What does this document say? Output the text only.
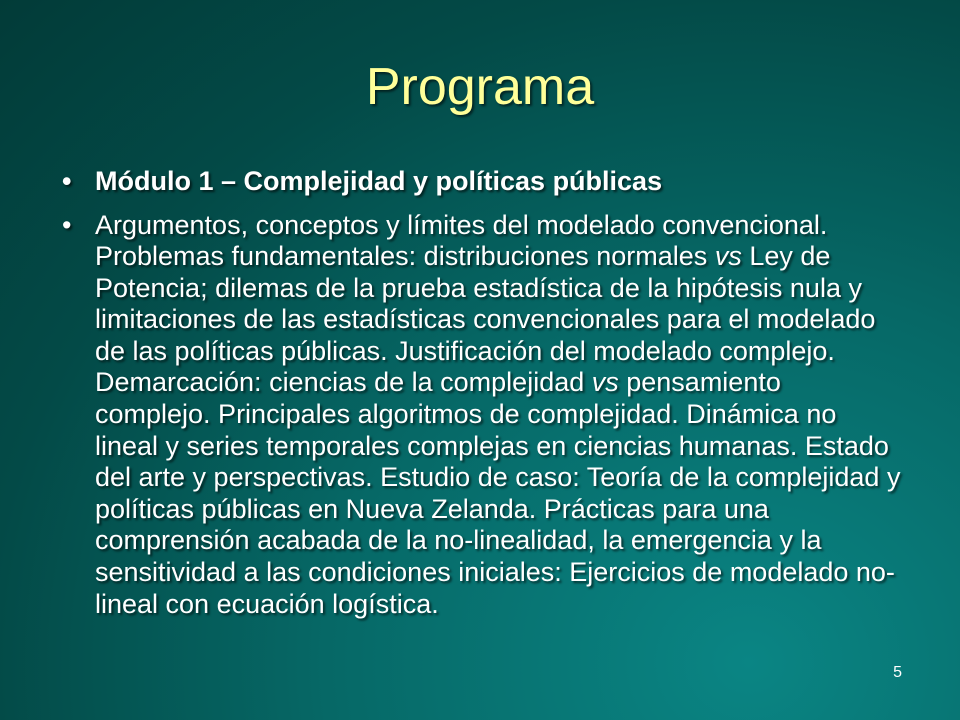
Programa
• Módulo 1 – Complejidad y políticas públicas
• Argumentos, conceptos y límites del modelado convencional. Problemas fundamentales: distribuciones normales vs Ley de Potencia; dilemas de la prueba estadística de la hipótesis nula y limitaciones de las estadísticas convencionales para el modelado de las políticas públicas. Justificación del modelado complejo. Demarcación: ciencias de la complejidad vs pensamiento complejo. Principales algoritmos de complejidad. Dinámica no lineal y series temporales complejas en ciencias humanas. Estado del arte y perspectivas. Estudio de caso: Teoría de la complejidad y políticas públicas en Nueva Zelanda. Prácticas para una comprensión acabada de la no-linealidad, la emergencia y la sensitividad a las condiciones iniciales: Ejercicios de modelado no-lineal con ecuación logística.
5
